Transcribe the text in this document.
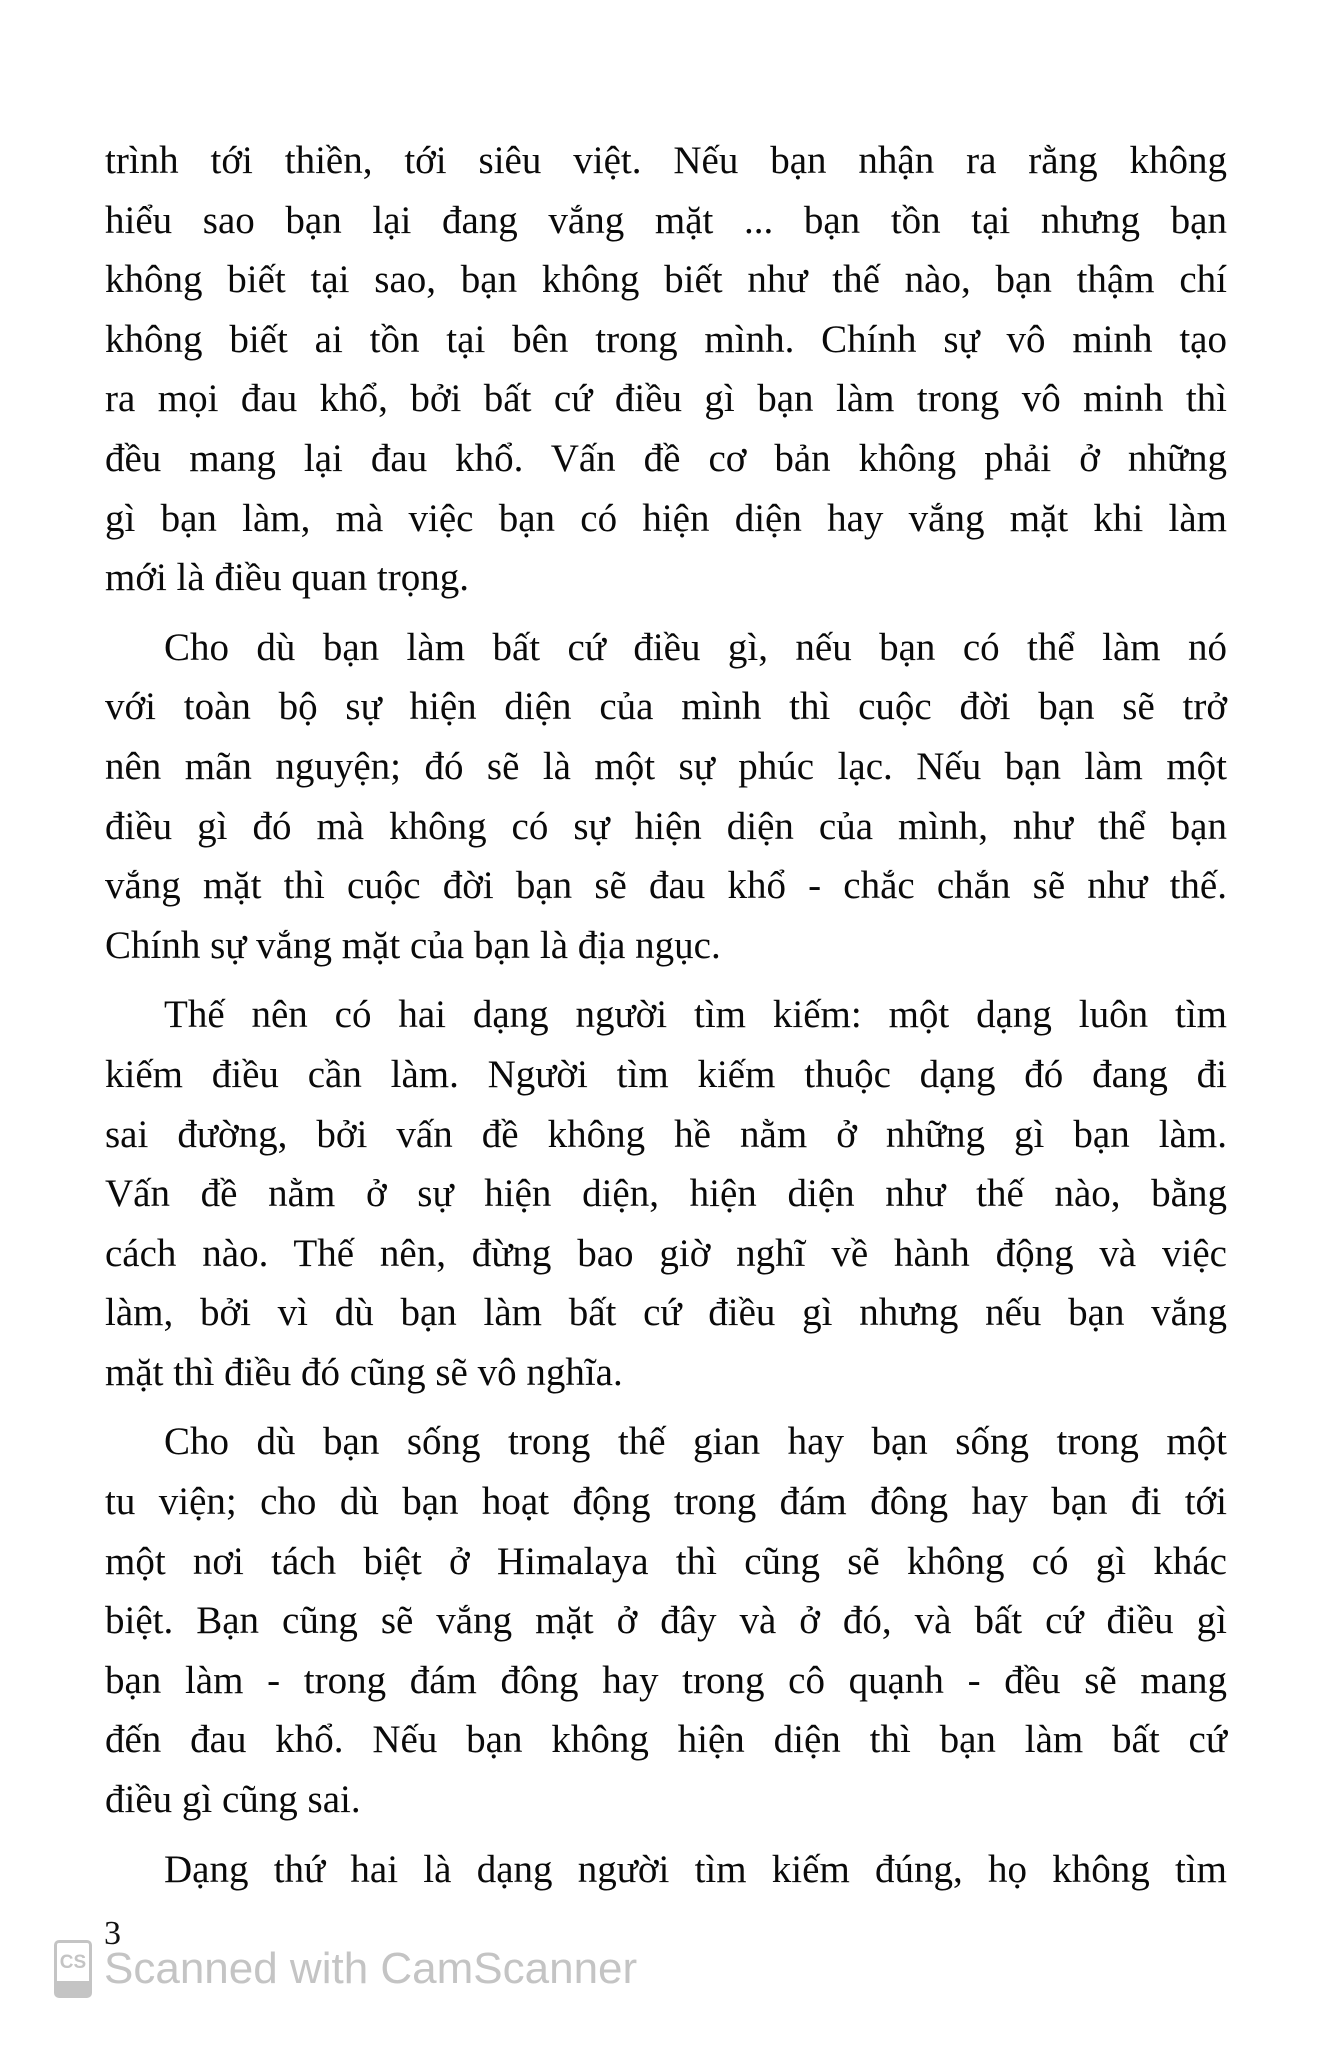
trình tới thiền, tới siêu việt. Nếu bạn nhận ra rằng không
hiểu sao bạn lại đang vắng mặt ... bạn tồn tại nhưng bạn
không biết tại sao, bạn không biết như thế nào, bạn thậm chí
không biết ai tồn tại bên trong mình. Chính sự vô minh tạo
ra mọi đau khổ, bởi bất cứ điều gì bạn làm trong vô minh thì
đều mang lại đau khổ. Vấn đề cơ bản không phải ở những
gì bạn làm, mà việc bạn có hiện diện hay vắng mặt khi làm
mới là điều quan trọng.
Cho dù bạn làm bất cứ điều gì, nếu bạn có thể làm nó
với toàn bộ sự hiện diện của mình thì cuộc đời bạn sẽ trở
nên mãn nguyện; đó sẽ là một sự phúc lạc. Nếu bạn làm một
điều gì đó mà không có sự hiện diện của mình, như thể bạn
vắng mặt thì cuộc đời bạn sẽ đau khổ - chắc chắn sẽ như thế.
Chính sự vắng mặt của bạn là địa ngục.
Thế nên có hai dạng người tìm kiếm: một dạng luôn tìm
kiếm điều cần làm. Người tìm kiếm thuộc dạng đó đang đi
sai đường, bởi vấn đề không hề nằm ở những gì bạn làm.
Vấn đề nằm ở sự hiện diện, hiện diện như thế nào, bằng
cách nào. Thế nên, đừng bao giờ nghĩ về hành động và việc
làm, bởi vì dù bạn làm bất cứ điều gì nhưng nếu bạn vắng
mặt thì điều đó cũng sẽ vô nghĩa.
Cho dù bạn sống trong thế gian hay bạn sống trong một
tu viện; cho dù bạn hoạt động trong đám đông hay bạn đi tới
một nơi tách biệt ở Himalaya thì cũng sẽ không có gì khác
biệt. Bạn cũng sẽ vắng mặt ở đây và ở đó, và bất cứ điều gì
bạn làm - trong đám đông hay trong cô quạnh - đều sẽ mang
đến đau khổ. Nếu bạn không hiện diện thì bạn làm bất cứ
điều gì cũng sai.
Dạng thứ hai là dạng người tìm kiếm đúng, họ không tìm
3
CS Scanned with CamScanner
